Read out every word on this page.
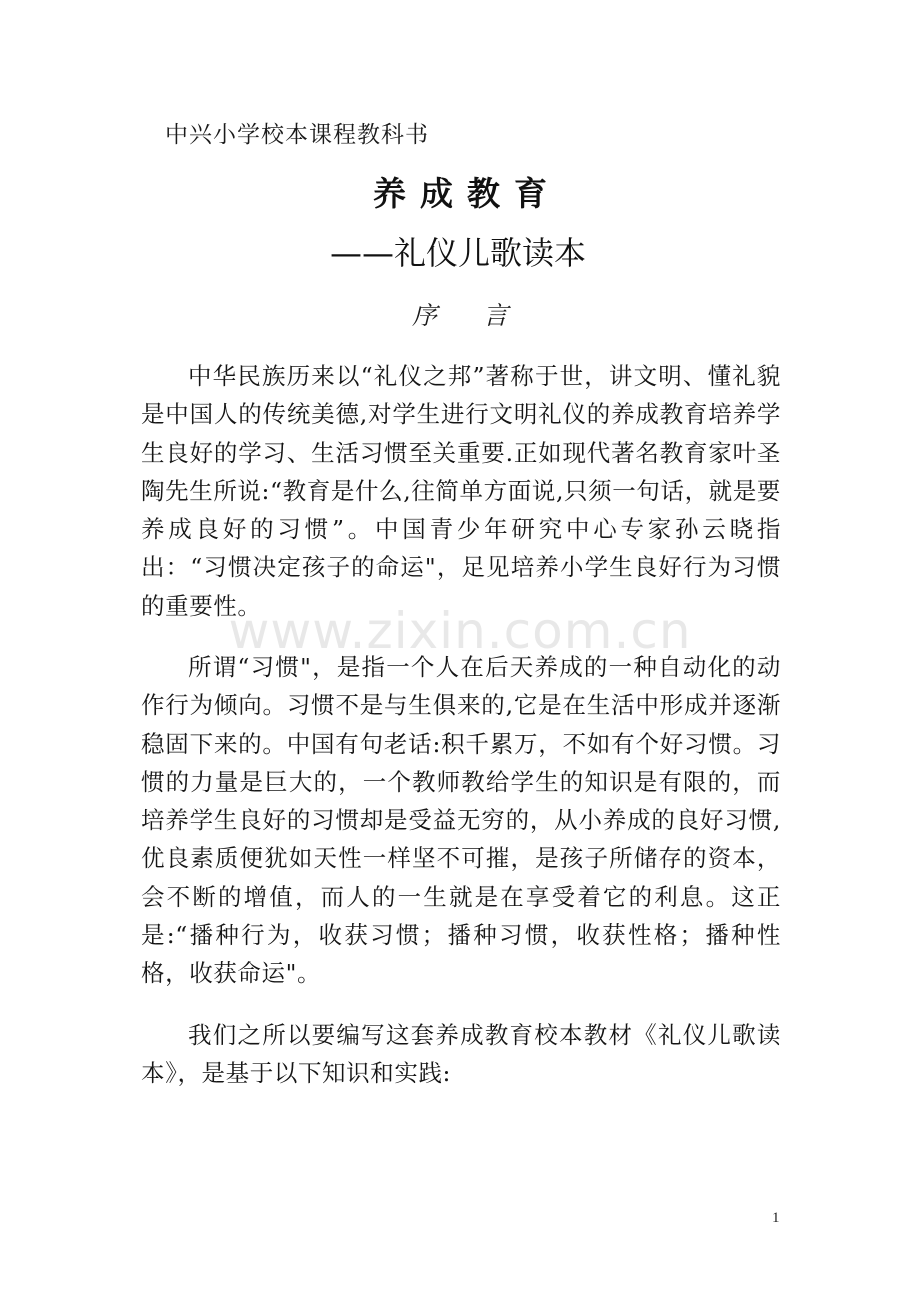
中兴小学校本课程教科书
养成教育
——礼仪儿歌读本
序言

中华民族历来以“礼仪之邦”著称于世，讲文明、懂礼貌是中国人的传统美德,对学生进行文明礼仪的养成教育培养学生良好的学习、生活习惯至关重要.正如现代著名教育家叶圣陶先生所说:“教育是什么,往简单方面说,只须一句话，就是要养成良好的习惯”。中国青少年研究中心专家孙云晓指出：“习惯决定孩子的命运"，足见培养小学生良好行为习惯的重要性。

www.zixin.com.cn

所谓“习惯"，是指一个人在后天养成的一种自动化的动作行为倾向。习惯不是与生俱来的,它是在生活中形成并逐渐稳固下来的。中国有句老话:积千累万，不如有个好习惯。习惯的力量是巨大的，一个教师教给学生的知识是有限的，而培养学生良好的习惯却是受益无穷的，从小养成的良好习惯,优良素质便犹如天性一样坚不可摧，是孩子所储存的资本，会不断的增值，而人的一生就是在享受着它的利息。这正是:“播种行为，收获习惯；播种习惯，收获性格；播种性格，收获命运"。

我们之所以要编写这套养成教育校本教材《礼仪儿歌读本》，是基于以下知识和实践:

1
